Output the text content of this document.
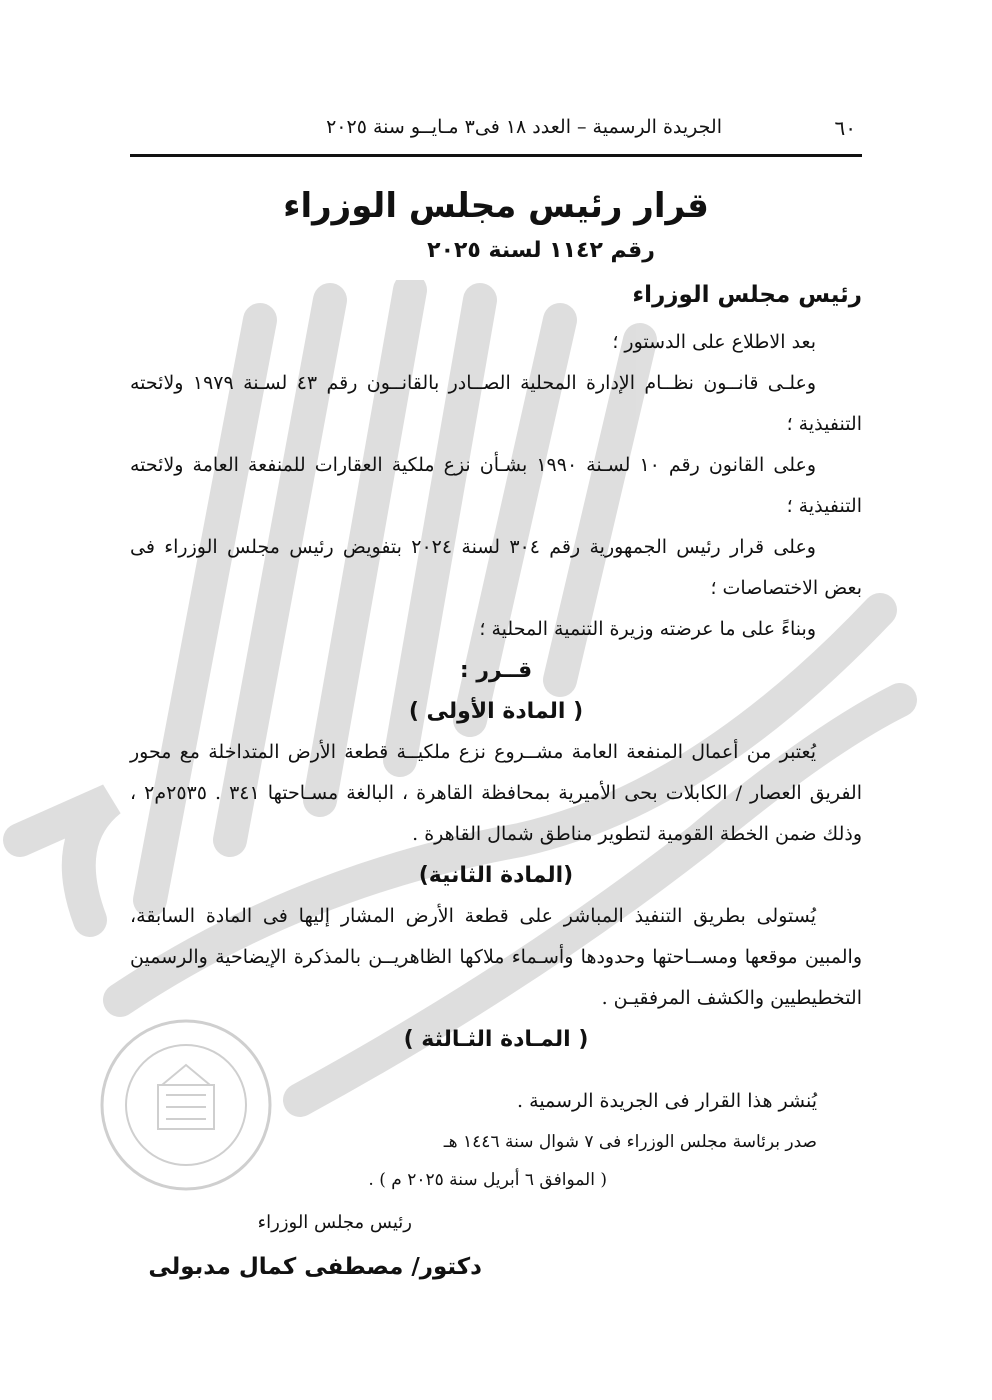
٦٠
الجريدة الرسمية – العدد ١٨ فى٣ مـايــو سنة ٢٠٢٥
قرار رئيس مجلس الوزراء
رقم ١١٤٢ لسنة ٢٠٢٥
رئيس مجلس الوزراء

بعد الاطلاع على الدستور ؛

وعلـى قانــون نظــام الإدارة المحلية الصــادر بالقانــون رقم ٤٣ لسـنة ١٩٧٩ ولائحته التنفيذية ؛

وعلى القانون رقم ١٠ لسـنة ١٩٩٠ بشـأن نزع ملكية العقارات للمنفعة العامة ولائحته التنفيذية ؛

وعلى قرار رئيس الجمهورية رقم ٣٠٤ لسنة ٢٠٢٤ بتفويض رئيس مجلس الوزراء فى بعض الاختصاصات ؛

وبناءً على ما عرضته وزيرة التنمية المحلية ؛

قــرر :

( المادة الأولى )

يُعتبر من أعمال المنفعة العامة مشــروع نزع ملكيــة قطعة الأرض المتداخلة مع محور الفريق العصار / الكابلات بحى الأميرية بمحافظة القاهرة ، البالغة مسـاحتها ٣٤١ . ٢٥٣٥م٢ ، وذلك ضمن الخطة القومية لتطوير مناطق شمال القاهرة .

(المادة الثانية)

يُستولى بطريق التنفيذ المباشر على قطعة الأرض المشار إليها فى المادة السابقة، والمبين موقعها ومســاحتها وحدودها وأسـماء ملاكها الظاهريــن بالمذكرة الإيضاحية والرسمين التخطيطيين والكشف المرفقيـن .

( المـادة الثـالثة )

يُنشر هذا القرار فى الجريدة الرسمية .
صدر برئاسة مجلس الوزراء فى ٧ شوال سنة ١٤٤٦ هـ
( الموافق ٦ أبريل سنة ٢٠٢٥ م ) .
رئيس مجلس الوزراء
دكتور/ مصطفى كمال مدبولى
